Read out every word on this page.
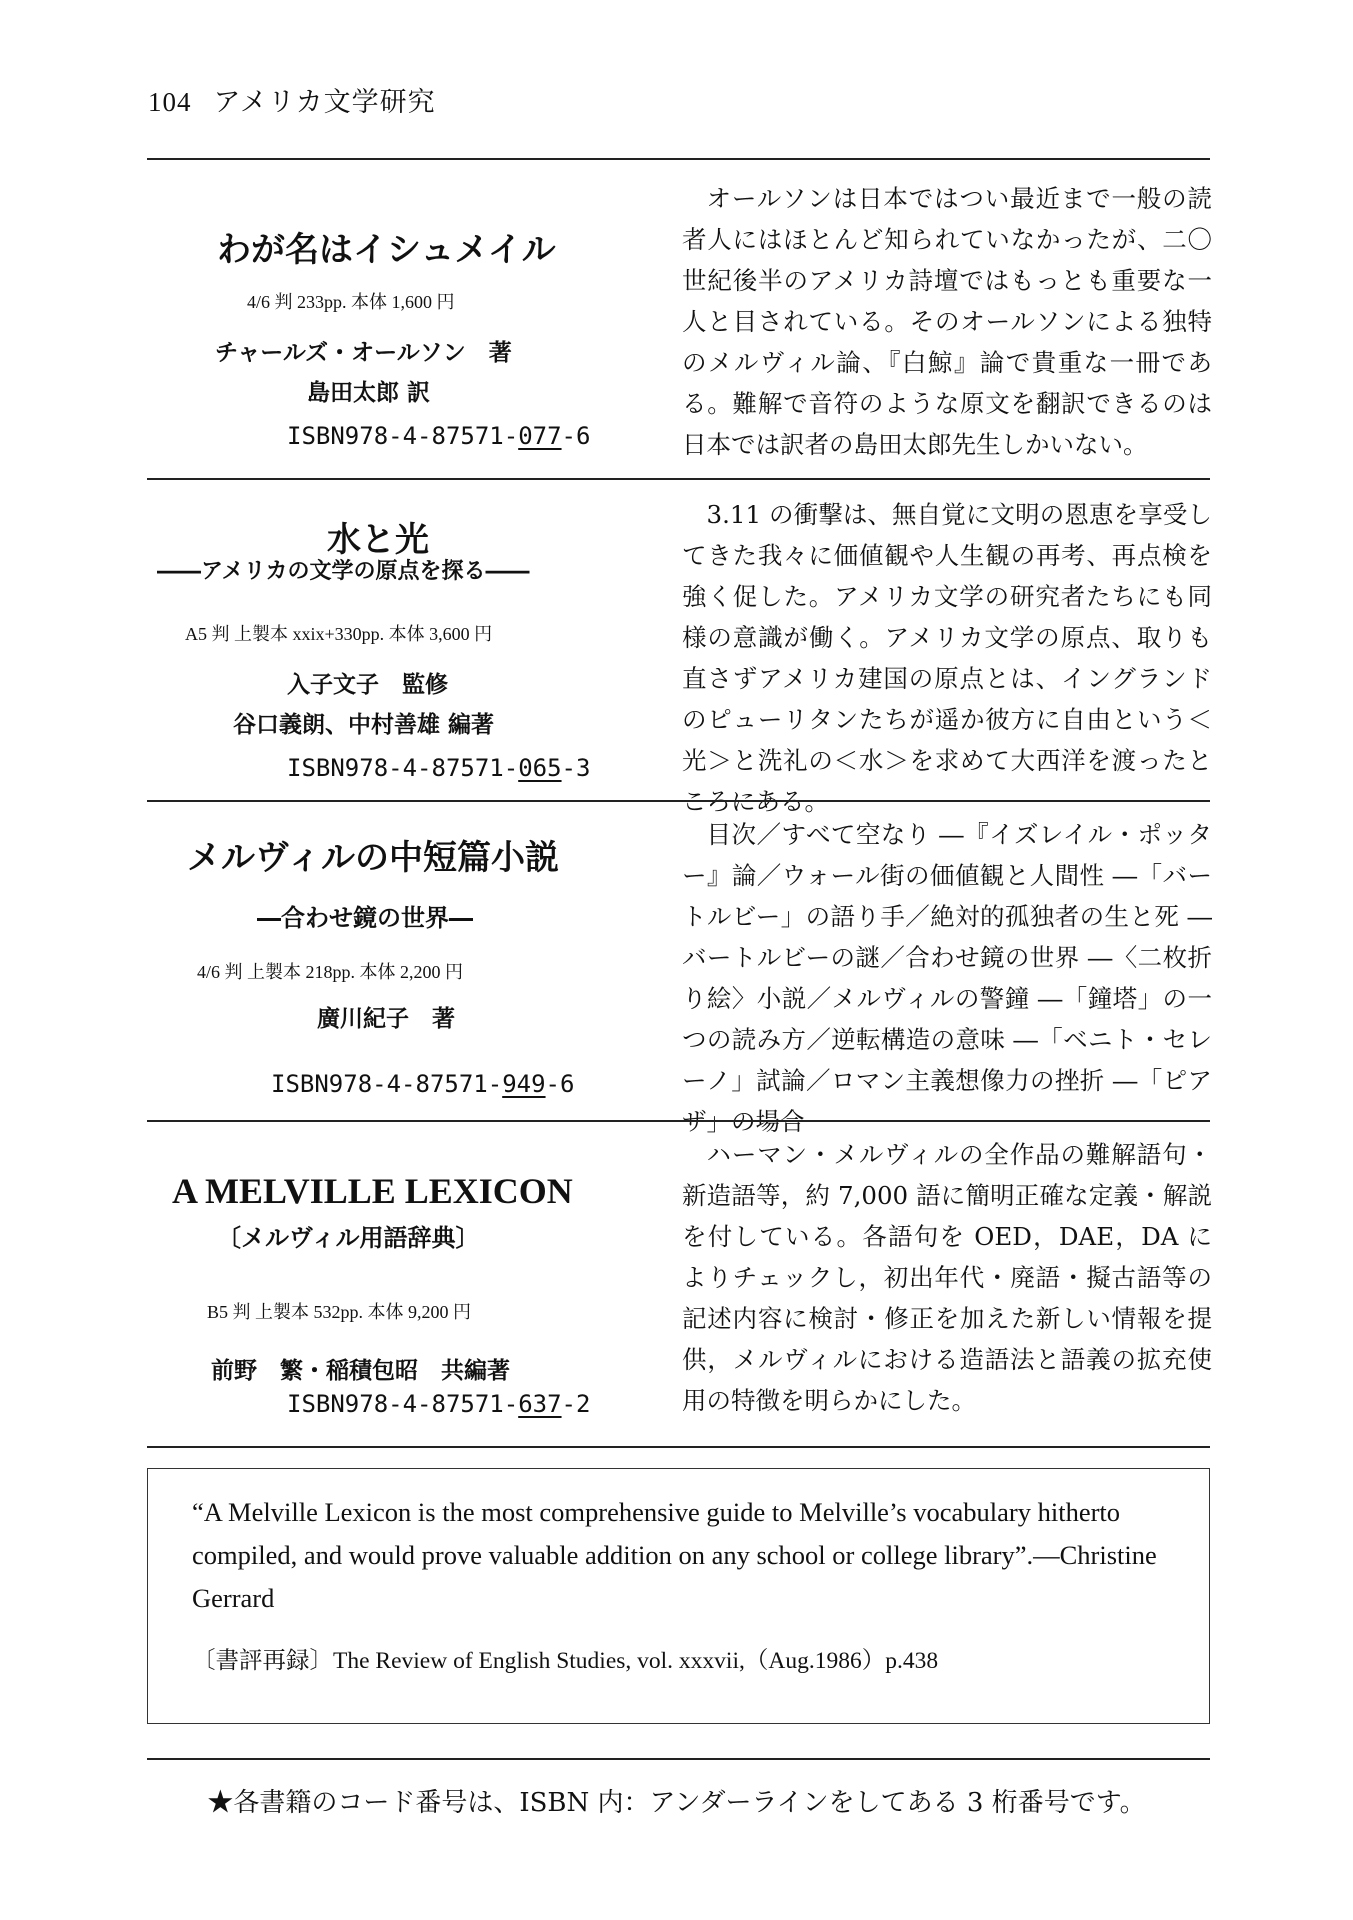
104 アメリカ文学研究
わが名はイシュメイル
4/6 判 233pp. 本体 1,600 円
チャールズ・オールソン　著
島田太郎 訳
ISBN978-4-87571-077-6

オールソンは日本ではつい最近まで一般の読者人にはほとんど知られていなかったが、二〇世紀後半のアメリカ詩壇ではもっとも重要な一人と目されている。そのオールソンによる独特のメルヴィル論、『白鯨』論で貴重な一冊である。難解で音符のような原文を翻訳できるのは日本では訳者の島田太郎先生しかいない。

水と光
――アメリカの文学の原点を探る――
A5 判 上製本 xxix+330pp. 本体 3,600 円
入子文子　監修
谷口義朗、中村善雄 編著
ISBN978-4-87571-065-3

3.11 の衝撃は、無自覚に文明の恩恵を享受してきた我々に価値観や人生観の再考、再点検を強く促した。アメリカ文学の研究者たちにも同様の意識が働く。アメリカ文学の原点、取りも直さずアメリカ建国の原点とは、イングランドのピューリタンたちが遥か彼方に自由という＜光＞と洗礼の＜水＞を求めて大西洋を渡ったところにある。

メルヴィルの中短篇小説
―合わせ鏡の世界―
4/6 判 上製本 218pp. 本体 2,200 円
廣川紀子　著
ISBN978-4-87571-949-6

目次／すべて空なり ―『イズレイル・ポッター』論／ウォール街の価値観と人間性 ―「バートルビー」の語り手／絶対的孤独者の生と死 ― バートルビーの謎／合わせ鏡の世界 ―〈二枚折り絵〉小説／メルヴィルの警鐘 ―「鐘塔」の一つの読み方／逆転構造の意味 ―「ベニト・セレーノ」試論／ロマン主義想像力の挫折 ―「ピアザ」の場合

A MELVILLE LEXICON
〔メルヴィル用語辞典〕
B5 判 上製本 532pp. 本体 9,200 円
前野　繁・稲積包昭　共編著
ISBN978-4-87571-637-2

ハーマン・メルヴィルの全作品の難解語句・新造語等，約 7,000 語に簡明正確な定義・解説を付している。各語句を OED，DAE，DA によりチェックし，初出年代・廃語・擬古語等の記述内容に検討・修正を加えた新しい情報を提供，メルヴィルにおける造語法と語義の拡充使用の特徴を明らかにした。

“A Melville Lexicon is the most comprehensive guide to Melville’s vocabulary hitherto compiled, and would prove valuable addition on any school or college library”.—Christine Gerrard
〔書評再録〕The Review of English Studies, vol. xxxvii,（Aug.1986）p.438
★各書籍のコード番号は、ISBN 内：アンダーラインをしてある 3 桁番号です。
